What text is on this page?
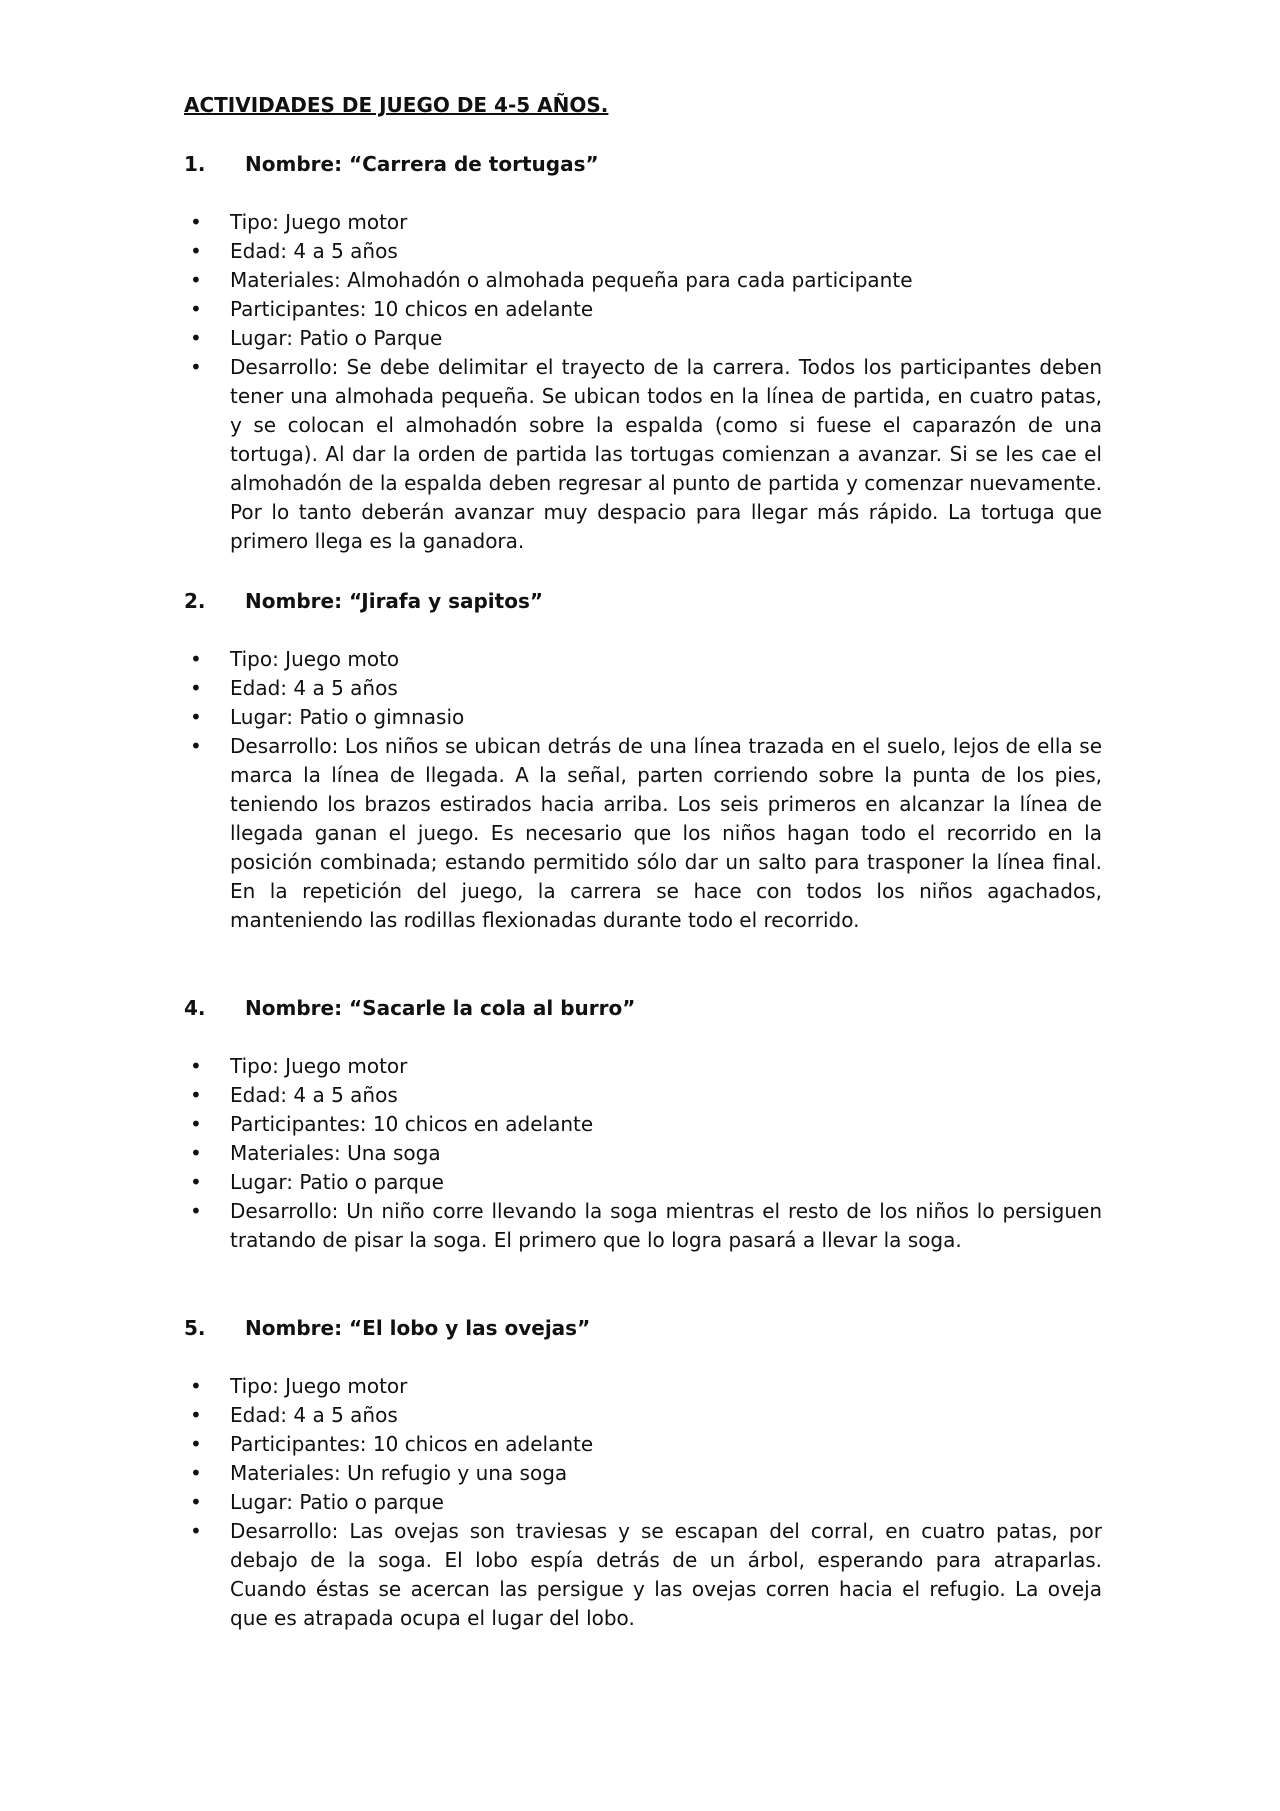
ACTIVIDADES DE JUEGO DE 4-5 AÑOS.
1. Nombre: “Carrera de tortugas”
• Tipo: Juego motor
• Edad: 4 a 5 años
• Materiales: Almohadón o almohada pequeña para cada participante
• Participantes: 10 chicos en adelante
• Lugar: Patio o Parque
• Desarrollo: Se debe delimitar el trayecto de la carrera. Todos los participantes deben tener una almohada pequeña. Se ubican todos en la línea de partida, en cuatro patas, y se colocan el almohadón sobre la espalda (como si fuese el caparazón de una tortuga). Al dar la orden de partida las tortugas comienzan a avanzar. Si se les cae el almohadón de la espalda deben regresar al punto de partida y comenzar nuevamente. Por lo tanto deberán avanzar muy despacio para llegar más rápido. La tortuga que primero llega es la ganadora.
2. Nombre: “Jirafa y sapitos”
• Tipo: Juego moto
• Edad: 4 a 5 años
• Lugar: Patio o gimnasio
• Desarrollo: Los niños se ubican detrás de una línea trazada en el suelo, lejos de ella se marca la línea de llegada. A la señal, parten corriendo sobre la punta de los pies, teniendo los brazos estirados hacia arriba. Los seis primeros en alcanzar la línea de llegada ganan el juego. Es necesario que los niños hagan todo el recorrido en la posición combinada; estando permitido sólo dar un salto para trasponer la línea final. En la repetición del juego, la carrera se hace con todos los niños agachados, manteniendo las rodillas flexionadas durante todo el recorrido.
4. Nombre: “Sacarle la cola al burro”
• Tipo: Juego motor
• Edad: 4 a 5 años
• Participantes: 10 chicos en adelante
• Materiales: Una soga
• Lugar: Patio o parque
• Desarrollo: Un niño corre llevando la soga mientras el resto de los niños lo persiguen tratando de pisar la soga. El primero que lo logra pasará a llevar la soga.
5. Nombre: “El lobo y las ovejas”
• Tipo: Juego motor
• Edad: 4 a 5 años
• Participantes: 10 chicos en adelante
• Materiales: Un refugio y una soga
• Lugar: Patio o parque
• Desarrollo: Las ovejas son traviesas y se escapan del corral, en cuatro patas, por debajo de la soga. El lobo espía detrás de un árbol, esperando para atraparlas. Cuando éstas se acercan las persigue y las ovejas corren hacia el refugio. La oveja que es atrapada ocupa el lugar del lobo.
